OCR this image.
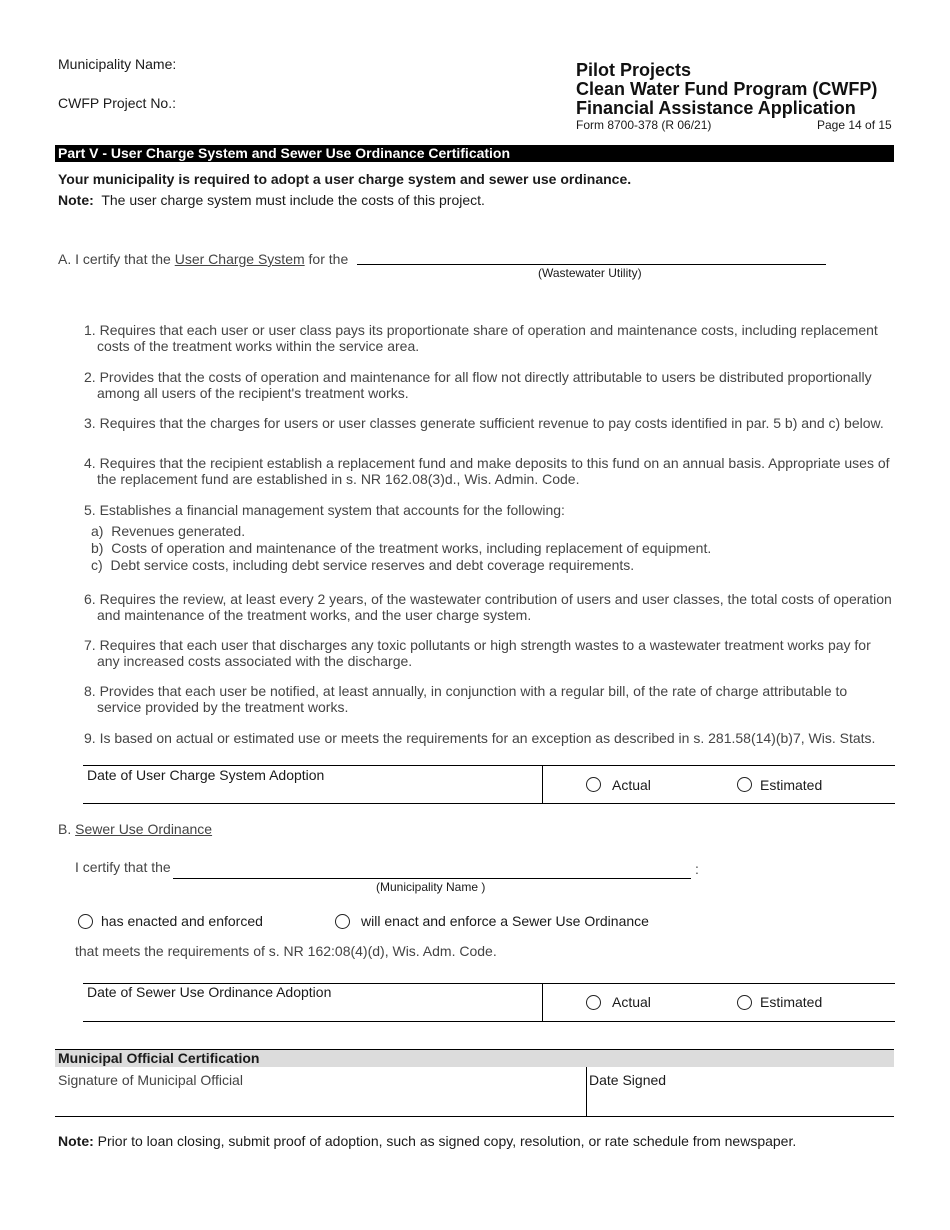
Municipality Name:
CWFP Project No.:
Pilot Projects
Clean Water Fund Program (CWFP)
Financial Assistance Application
Form 8700-378 (R 06/21)	Page 14 of 15
Part V - User Charge System and Sewer Use Ordinance Certification
Your municipality is required to adopt a user charge system and sewer use ordinance.
Note: The user charge system must include the costs of this project.
A. I certify that the User Charge System for the
(Wastewater Utility)
1. Requires that each user or user class pays its proportionate share of operation and maintenance costs, including replacement
costs of the treatment works within the service area.
2. Provides that the costs of operation and maintenance for all flow not directly attributable to users be distributed proportionally
among all users of the recipient's treatment works.
3. Requires that the charges for users or user classes generate sufficient revenue to pay costs identified in par. 5 b) and c) below.
4. Requires that the recipient establish a replacement fund and make deposits to this fund on an annual basis. Appropriate uses of
the replacement fund are established in s. NR 162.08(3)d., Wis. Admin. Code.
5. Establishes a financial management system that accounts for the following:
a) Revenues generated.
b) Costs of operation and maintenance of the treatment works, including replacement of equipment.
c) Debt service costs, including debt service reserves and debt coverage requirements.
6. Requires the review, at least every 2 years, of the wastewater contribution of users and user classes, the total costs of operation
and maintenance of the treatment works, and the user charge system.
7. Requires that each user that discharges any toxic pollutants or high strength wastes to a wastewater treatment works pay for
any increased costs associated with the discharge.
8. Provides that each user be notified, at least annually, in conjunction with a regular bill, of the rate of charge attributable to
service provided by the treatment works.
9. Is based on actual or estimated use or meets the requirements for an exception as described in s. 281.58(14)(b)7, Wis. Stats.
Date of User Charge System Adoption
Actual	Estimated
B. Sewer Use Ordinance
I certify that the	:
(Municipality Name )
has enacted and enforced	will enact and enforce a Sewer Use Ordinance
that meets the requirements of s. NR 162:08(4)(d), Wis. Adm. Code.
Date of Sewer Use Ordinance Adoption
Actual	Estimated
Municipal Official Certification
Signature of Municipal Official	Date Signed
Note: Prior to loan closing, submit proof of adoption, such as signed copy, resolution, or rate schedule from newspaper.
